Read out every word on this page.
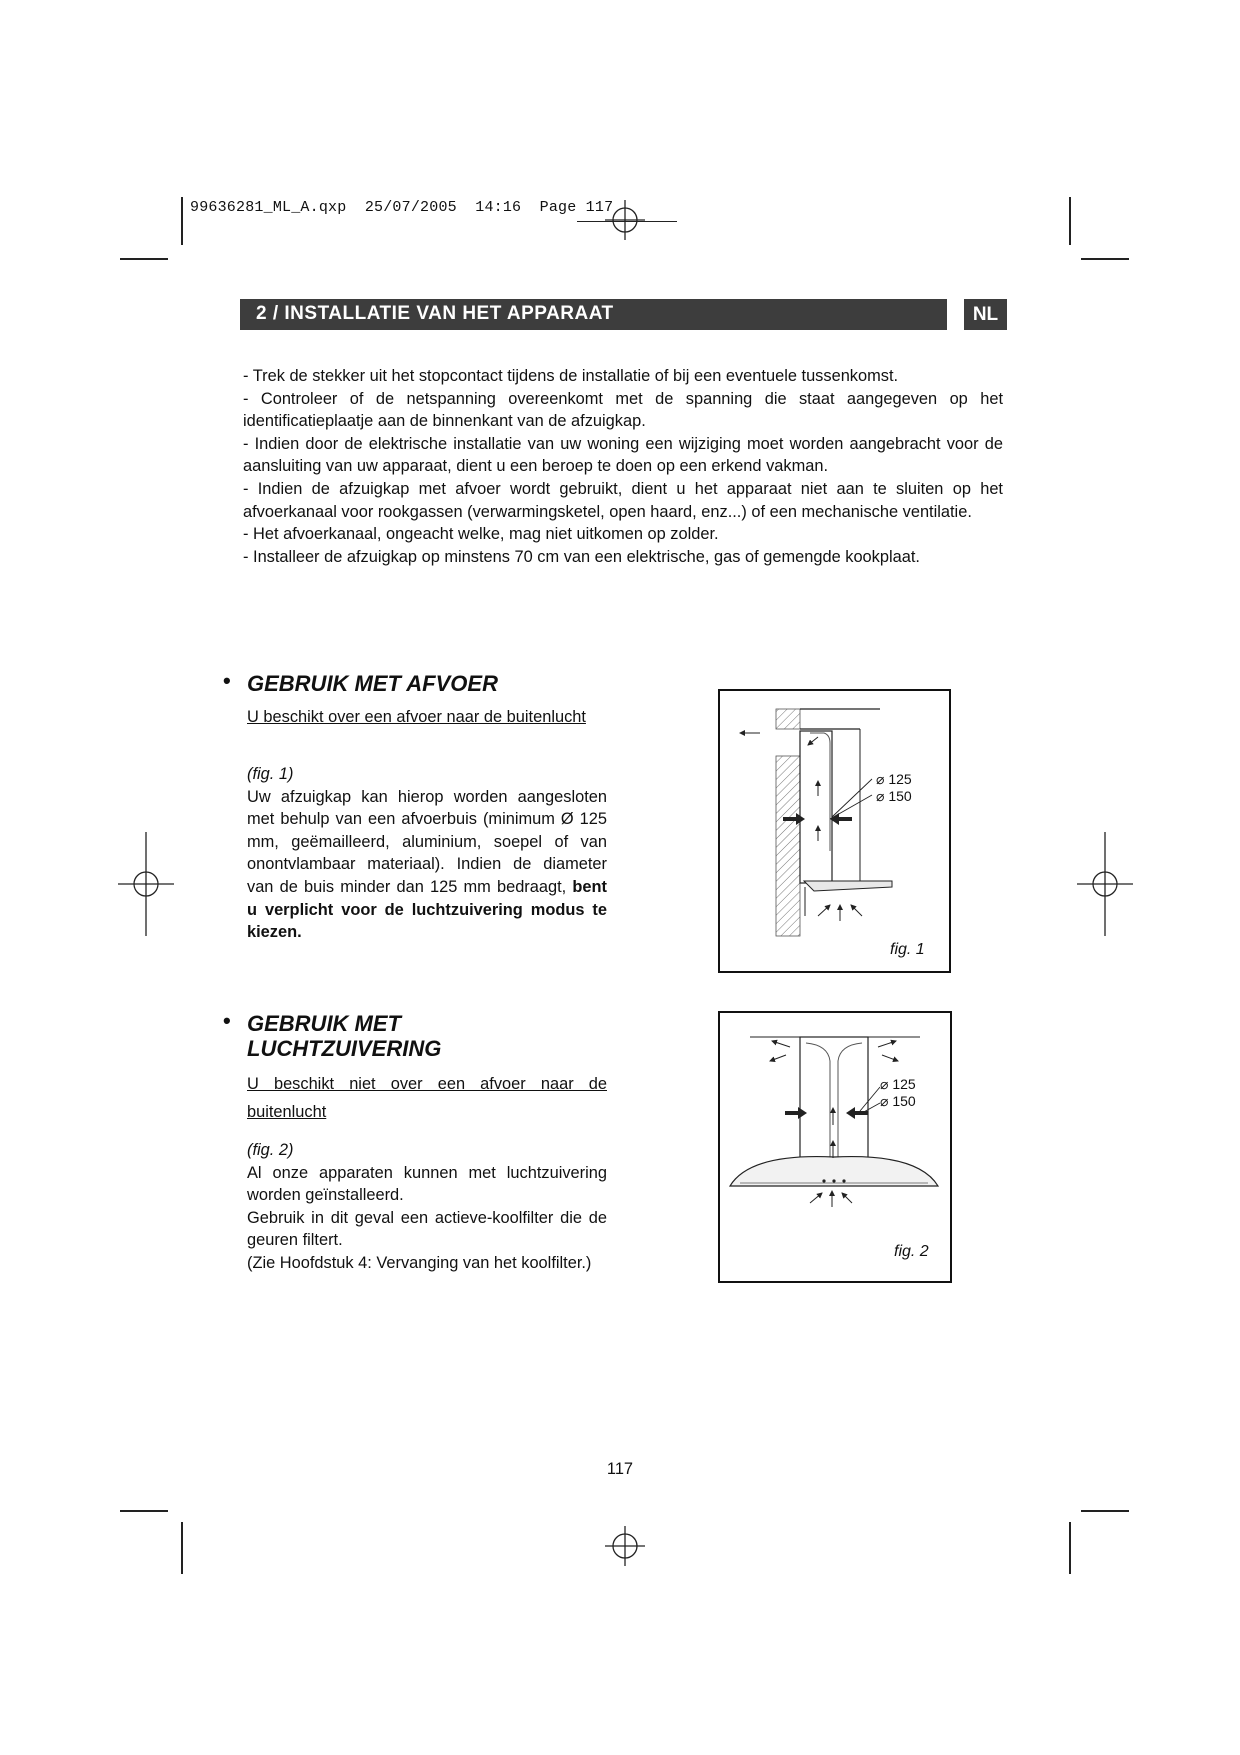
99636281_ML_A.qxp  25/07/2005  14:16  Page 117
2 / INSTALLATIE VAN HET APPARAAT	NL

- Trek de stekker uit het stopcontact tijdens de installatie of bij een eventuele tussenkomst.

- Controleer of de netspanning overeenkomt met de spanning die staat aangegeven op het identificatieplaatje aan de binnenkant van de afzuigkap.

- Indien door de elektrische installatie van uw woning een wijziging moet worden aangebracht voor de aansluiting van uw apparaat, dient u een beroep te doen op een erkend vakman.

- Indien de afzuigkap met afvoer wordt gebruikt, dient u het apparaat niet aan te sluiten op het afvoerkanaal voor rookgassen (verwarmingsketel, open haard, enz...) of een mechanische ventilatie.

- Het afvoerkanaal, ongeacht welke, mag niet uitkomen op zolder.

- Installeer de afzuigkap op minstens 70 cm van een elektrische, gas of gemengde kookplaat.

• GEBRUIK MET AFVOER
U beschikt over een afvoer naar de buitenlucht

(fig. 1)

Uw afzuigkap kan hierop worden aangesloten met behulp van een afvoerbuis (minimum Ø 125 mm, geëmailleerd, aluminium, soepel of van onontvlambaar materiaal). Indien de diameter van de buis minder dan 125 mm bedraagt, bent u verplicht voor de luchtzuivering modus te kiezen.

• GEBRUIK MET LUCHTZUIVERING
U beschikt niet over een afvoer naar de buitenlucht

(fig. 2)

Al onze apparaten kunnen met luchtzuivering worden geïnstalleerd.

Gebruik in dit geval een actieve-koolfilter die de geuren filtert.

(Zie Hoofdstuk 4: Vervanging van het koolfilter.)

⌀ 125
⌀ 150
fig. 1
⌀ 125
⌀ 150
fig. 2
117
